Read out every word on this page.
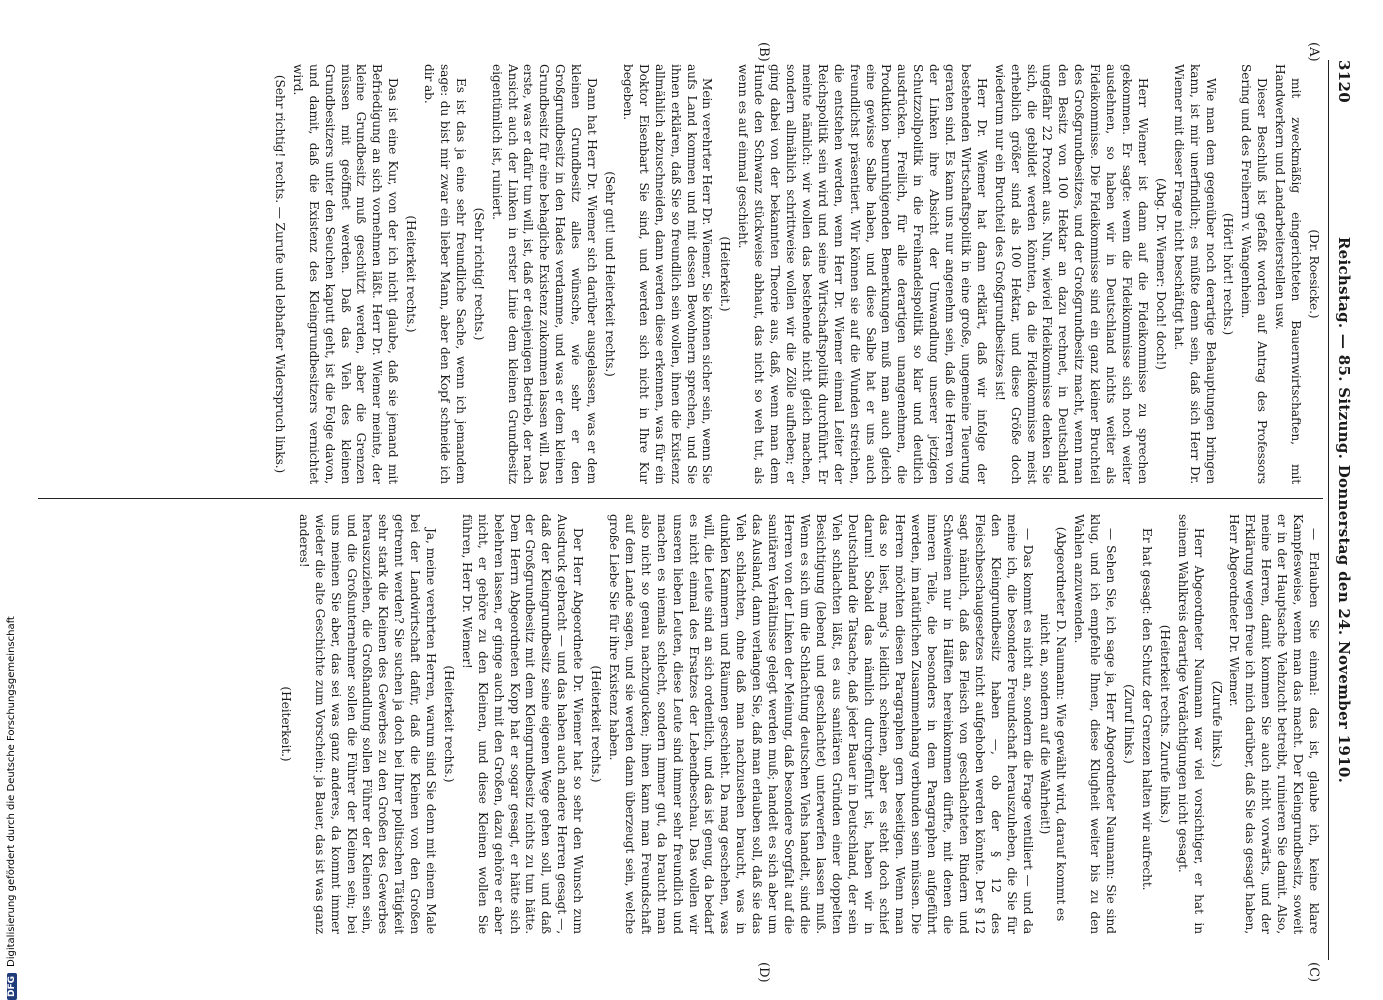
3120
Reichstag. — 85. Sitzung. Donnerstag den 24. November 1910.
(A)
(B)
(C)
(D)

(Dr. Roesicke.)

mit zweckmäßig eingerichteten Bauernwirtschaften, mit Handwerkern und Landarbeiterstellen usw.

Dieser Beschluß ist gefaßt worden auf Antrag des Professors Sering und des Freiherrn v. Wangenheim.

(Hört! hört! rechts.)

Wie man dem gegenüber noch derartige Behauptungen bringen kann, ist mir unerfindlich; es müßte denn sein, daß sich Herr Dr. Wiemer mit dieser Frage nicht beschäftigt hat.

(Abg. Dr. Wiemer: Doch! doch!)

Herr Wiemer ist dann auf die Fideikommisse zu sprechen gekommen. Er sagte: wenn die Fideikommisse sich noch weiter ausdehnen, so haben wir in Deutschland nichts weiter als Fideikommisse. Die Fideikommisse sind ein ganz kleiner Bruchteil des Großgrundbesitzes, und der Großgrundbesitz macht, wenn man den Besitz von 100 Hektar an dazu rechnet, in Deutschland ungefähr 22 Prozent aus. Nun, wieviel Fideikommisse denken Sie sich, die gebildet werden könnten, da die Fideikommisse meist erheblich größer sind als 100 Hektar, und diese Größe doch wiederum nur ein Bruchteil des Großgrundbesitzes ist!

Herr Dr. Wiemer hat dann erklärt, daß wir infolge der bestehenden Wirtschaftspolitik in eine große, ungemeine Teuerung geraten sind. Es kann uns nur angenehm sein, daß die Herren von der Linken ihre Absicht der Umwandlung unserer jetzigen Schutzzollpolitik in die Freihandelspolitik so klar und deutlich ausdrücken. Freilich, für alle derartigen unangenehmen, die Produktion beunruhigenden Bemerkungen muß man auch gleich eine gewisse Salbe haben, und diese Salbe hat er uns auch freundlichst präsentiert. Wir können sie auf die Wunden streichen, die entstehen werden, wenn Herr Dr. Wiemer einmal Leiter der Reichspolitik sein wird und seine Wirtschaftspolitik durchführt. Er meinte nämlich: wir wollen das bestehende nicht gleich machen, sondern allmählich schrittweise wollen wir die Zölle aufheben; er ging dabei von der bekannten Theorie aus, daß, wenn man dem Hunde den Schwanz stückweise abhaut, das nicht so weh tut, als wenn es auf einmal geschieht.

(Heiterkeit.)

Mein verehrter Herr Dr. Wiemer, Sie können sicher sein, wenn Sie aufs Land kommen und mit dessen Bewohnern sprechen, und Sie ihnen erklären, daß Sie so freundlich sein wollen, ihnen die Existenz allmählich abzuschneiden, dann werden diese erkennen, was für ein Doktor Eisenbart Sie sind, und werden sich nicht in Ihre Kur begeben.

(Sehr gut! und Heiterkeit rechts.)

Dann hat Herr Dr. Wiemer sich darüber ausgelassen, was er dem kleinen Grundbesitz alles wünsche, wie sehr er den Großgrundbesitz in den Hades verdamme, und was er dem kleinen Grundbesitz für eine behagliche Existenz zukommen lassen will. Das erste, was er dafür tun will, ist, daß er denjenigen Betrieb, der nach Ansicht auch der Linken in erster Linie dem kleinen Grundbesitz eigentümlich ist, ruiniert.

(Sehr richtig! rechts.)

Es ist das ja eine sehr freundliche Sache, wenn ich jemandem sage: du bist mir zwar ein lieber Mann, aber den Kopf schneide ich dir ab.

(Heiterkeit rechts.)

Das ist eine Kur, von der ich nicht glaube, daß sie jemand mit Befriedigung an sich vornehmen läßt. Herr Dr. Wiemer meinte, der kleine Grundbesitz muß geschützt werden, aber die Grenzen müssen mit geöffnet werden. Daß das Vieh des kleinen Grundbesitzers unter den Seuchen kaputt geht, ist die Folge davon, und damit, daß die Existenz des Kleingrundbesitzers vernichtet wird.

(Sehr richtig! rechts. — Zurufe und lebhafter Widerspruch links.)

— Erlauben Sie einmal: das ist, glaube ich, keine klare Kampfesweise, wenn man das macht. Der Kleingrundbesitz, soweit er in der Hauptsache Viehzucht betreibt, ruinieren Sie damit. Also, meine Herren, damit kommen Sie auch nicht vorwärts, und der Erklärung wegen freue ich mich darüber, daß Sie das gesagt haben, Herr Abgeordneter Dr. Wiemer.

(Zurufe links.)

Herr Abgeordneter Naumann war viel vorsichtiger, er hat in seinem Wahlkreis derartige Verdächtigungen nicht gesagt.

(Heiterkeit rechts. Zurufe links.)

Er hat gesagt: den Schutz der Grenzen halten wir aufrecht.

(Zuruf links.)

— Sehen Sie, ich sage ja, Herr Abgeordneter Naumann: Sie sind klug, und ich empfehle Ihnen, diese Klugheit weiter bis zu den Wahlen anzuwenden.

(Abgeordneter D. Naumann: Wie gewählt wird, darauf kommt es nicht an, sondern auf die Wahrheit!)

— Das kommt es nicht an, sondern die Frage ventiliert — und da meine ich, die besondere Freundschaft herauszuheben, die Sie für den Kleingrundbesitz haben —, ob der § 12 des Fleischbeschaugesetzes nicht aufgehoben werden könnte. Der § 12 sagt nämlich, daß das Fleisch von geschlachteten Rindern und Schweinen nur in Hälften hereinkommen dürfte, mit denen die inneren Teile, die besonders in dem Paragraphen aufgeführt werden, im natürlichen Zusammenhang verbunden sein müssen. Die Herren möchten diesen Paragraphen gern beseitigen. Wenn man das so liest, mag's leidlich scheinen, aber es steht doch schief darum! Sobald das nämlich durchgeführt ist, haben wir in Deutschland die Tatsache, daß jeder Bauer in Deutschland, der sein Vieh schlachten läßt, es aus sanitären Gründen einer doppelten Besichtigung (lebend und geschlachtet) unterwerfen lassen muß. Wenn es sich um die Schlachtung deutschen Viehs handelt, sind die Herren von der Linken der Meinung, daß besondere Sorgfalt auf die sanitären Verhältnisse gelegt werden muß; handelt es sich aber um das Ausland, dann verlangen Sie, daß man erlauben soll, daß sie das Vieh schlachten, ohne daß man nachzusehen braucht, was in dunklen Kammern und Räumen geschieht. Da mag geschehen, was will, die Leute sind an sich ordentlich, und das ist genug, da bedarf es nicht einmal des Ersatzes der Lebendbeschau. Das wollen wir unseren lieben Leuten, diese Leute sind immer sehr freundlich und machen es niemals schlecht, sondern immer gut, da braucht man also nicht so genau nachzugucken; ihnen kann man Freundschaft auf dem Lande sagen, und sie werden dann überzeugt sein, welche große Liebe Sie für ihre Existenz haben.

(Heiterkeit rechts.)

Der Herr Abgeordnete Dr. Wiemer hat so sehr den Wunsch zum Ausdruck gebracht — und das haben auch andere Herren gesagt —, daß der Kleingrundbesitz seine eigenen Wege gehen soll, und daß der Großgrundbesitz mit dem Kleingrundbesitz nichts zu tun hätte. Dem Herrn Abgeordneten Kopp hat er sogar gesagt, er hätte sich belehren lassen, er ginge auch mit den Großen, dazu gehöre er aber nicht, er gehöre zu den Kleinen, und diese Kleinen wollen Sie führen, Herr Dr. Wiemer!

(Heiterkeit rechts.)

Ja, meine verehrten Herren, warum sind Sie denn mit einem Male bei der Landwirtschaft dafür, daß die Kleinen von den Großen getrennt werden? Sie suchen ja doch bei Ihrer politischen Tätigkeit sehr stark die Kleinen des Gewerbes zu den Großen des Gewerbes herauszuziehen, die Großhandlung sollen Führer der Kleinen sein, und die Großunternehmer sollen die Führer der Kleinen sein; bei uns meinen Sie aber, das sei was ganz anderes, da kommt immer wieder die alte Geschichte zum Vorschein: ja Bauer, das ist was ganz anderes!

(Heiterkeit.)

DFGDigitalisierung gefördert durch die Deutsche Forschungsgemeinschaft
